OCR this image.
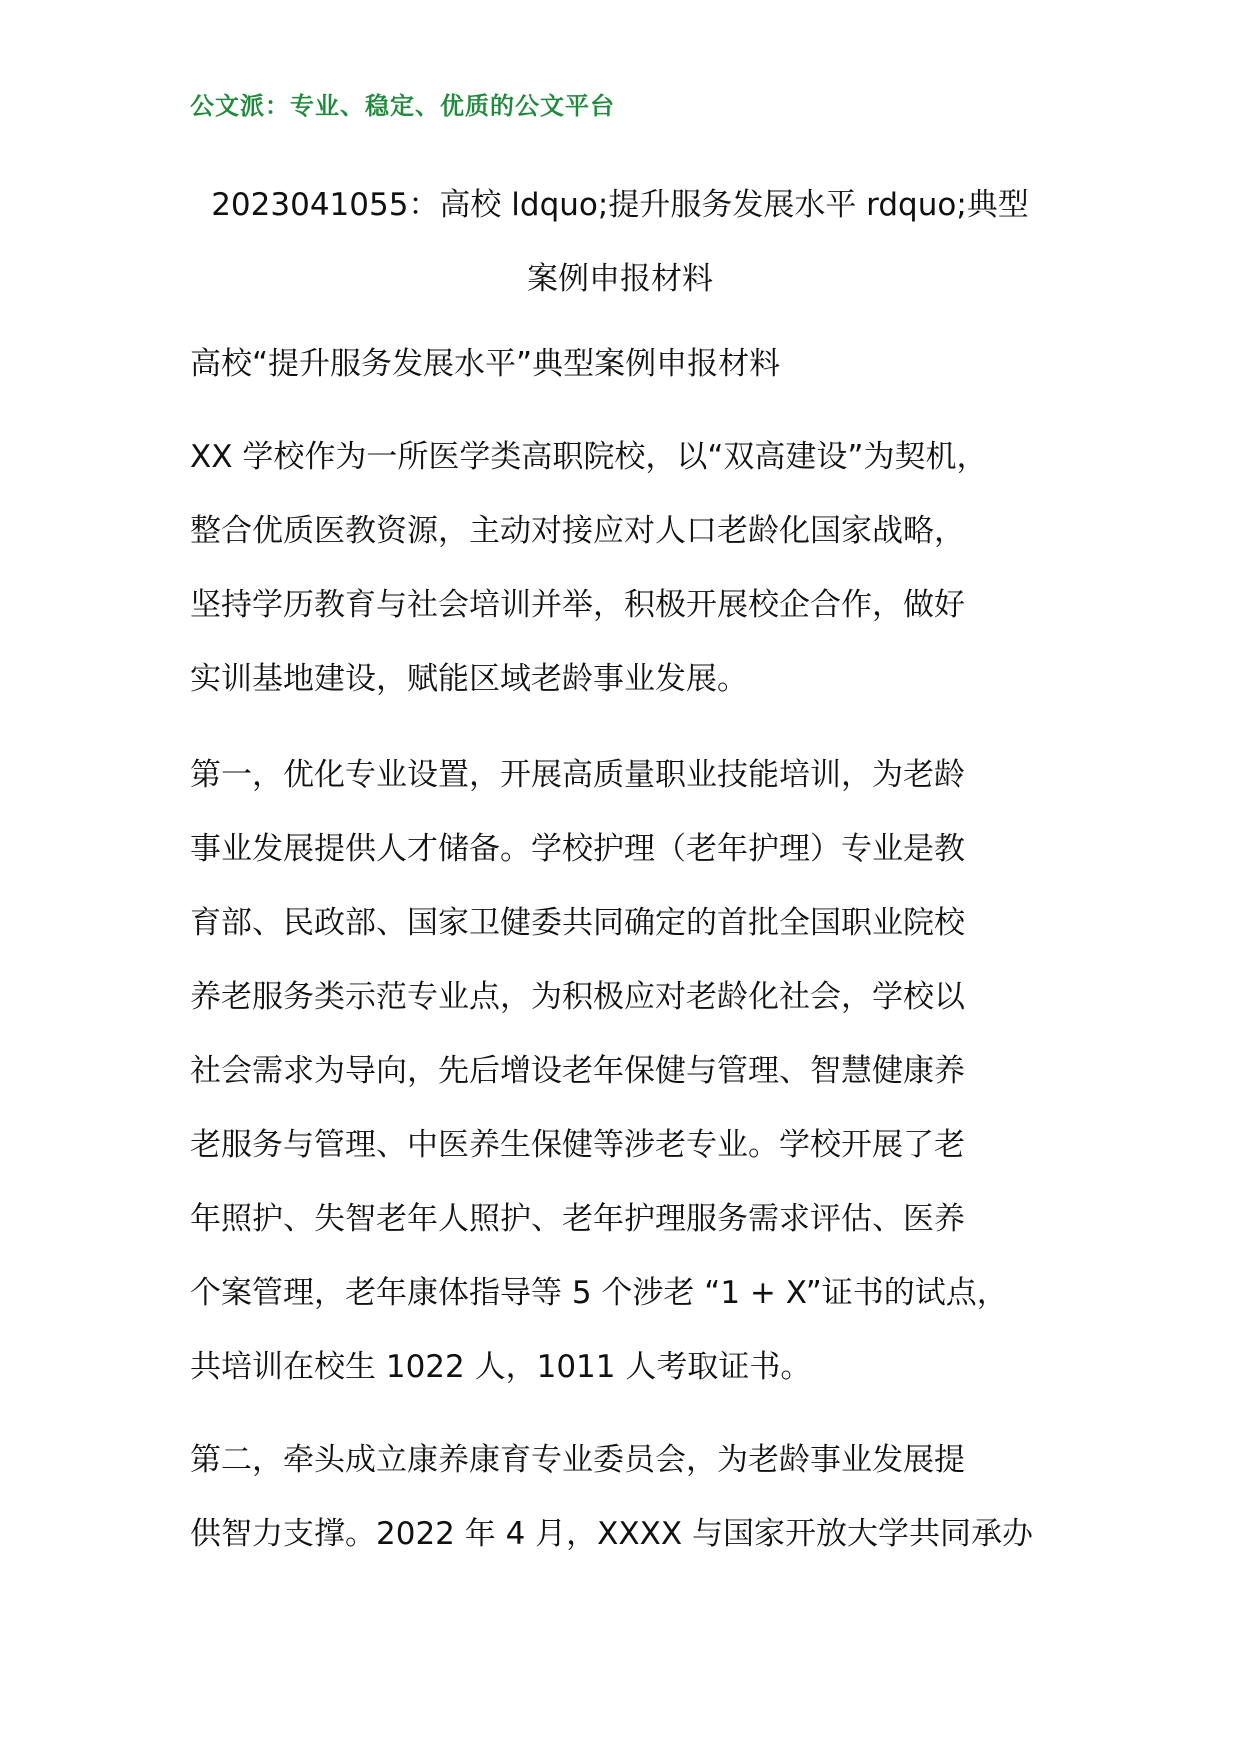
公文派：专业、稳定、优质的公文平台
2023041055：高校 ldquo;提升服务发展水平 rdquo;典型
案例申报材料
高校“提升服务发展水平”典型案例申报材料
XX 学校作为一所医学类高职院校，以“双高建设”为契机，
整合优质医教资源，主动对接应对人口老龄化国家战略，
坚持学历教育与社会培训并举，积极开展校企合作，做好
实训基地建设，赋能区域老龄事业发展。
第一，优化专业设置，开展高质量职业技能培训，为老龄
事业发展提供人才储备。学校护理（老年护理）专业是教
育部、民政部、国家卫健委共同确定的首批全国职业院校
养老服务类示范专业点，为积极应对老龄化社会，学校以
社会需求为导向，先后增设老年保健与管理、智慧健康养
老服务与管理、中医养生保健等涉老专业。学校开展了老
年照护、失智老年人照护、老年护理服务需求评估、医养
个案管理，老年康体指导等 5 个涉老 “1 + X”证书的试点，
共培训在校生 1022 人，1011 人考取证书。
第二，牵头成立康养康育专业委员会，为老龄事业发展提
供智力支撑。2022 年 4 月，XXXX 与国家开放大学共同承办
